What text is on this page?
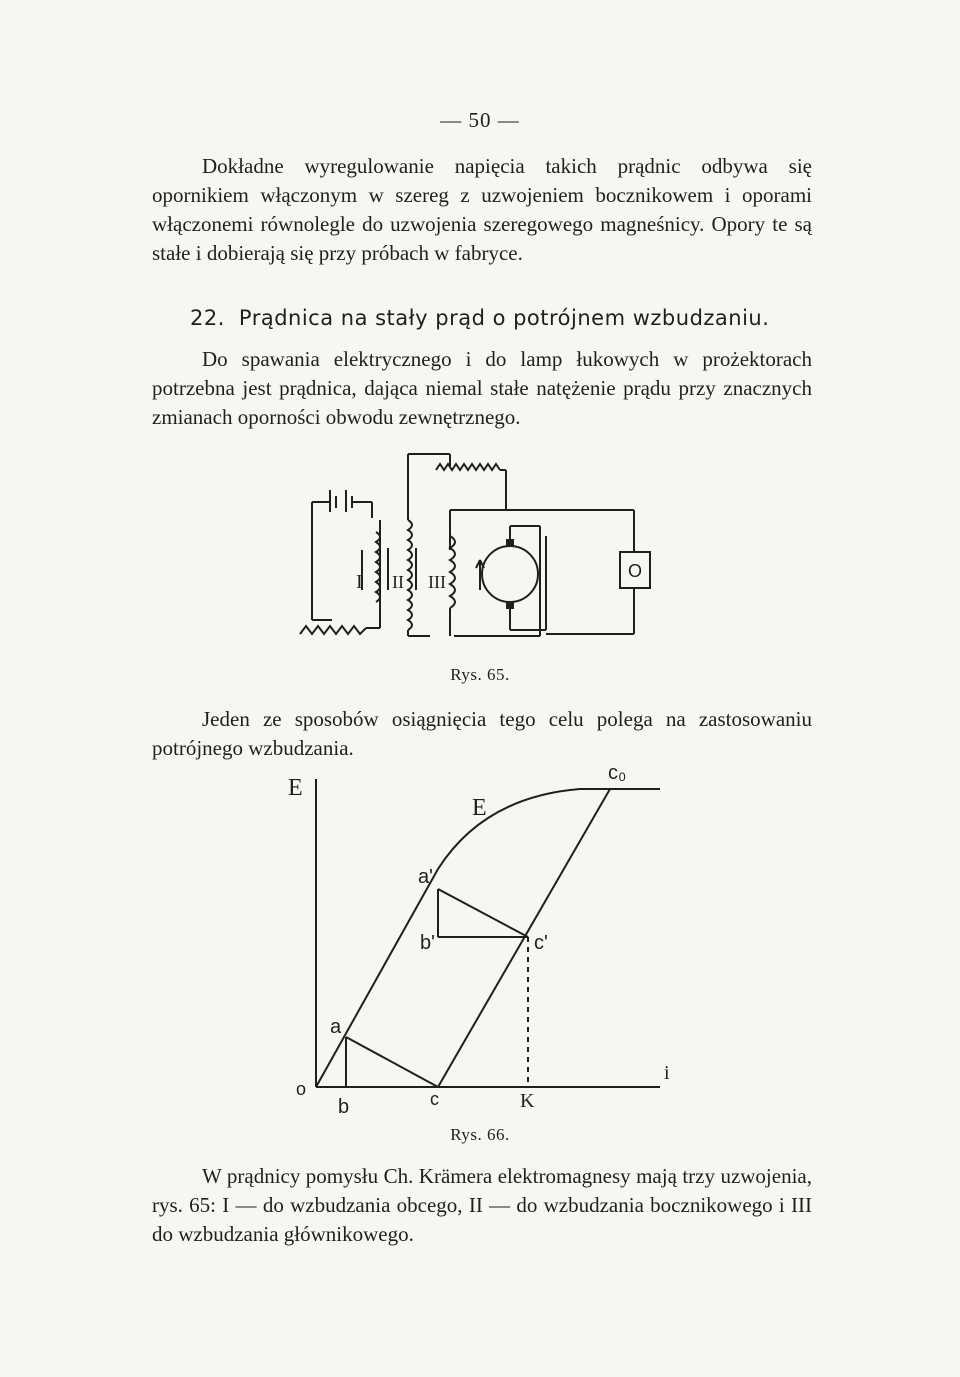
— 50 —

Dokładne wyregulowanie napięcia takich prądnic odbywa się opornikiem włączonym w szereg z uzwojeniem bocznikowem i oporami włączonemi równolegle do uzwojenia szeregowego magneśnicy. Opory te są stałe i dobierają się przy próbach w fabryce.

22. Prądnica na stały prąd o potrójnem wzbudzaniu.

Do spawania elektrycznego i do lamp łukowych w prożektorach potrzebna jest prądnica, dająca niemal stałe natężenie prądu przy znacznych zmianach oporności obwodu zewnętrznego.

I II III
O
Rys. 65.

Jeden ze sposobów osiągnięcia tego celu polega na zastosowaniu potrójnego wzbudzania.

E
E
c₀
a'
b'	c'
a
o
b	c	K
i
Rys. 66.

W prądnicy pomysłu Ch. Krämera elektromagnesy mają trzy uzwojenia, rys. 65: I — do wzbudzania obcego, II — do wzbudzania bocznikowego i III do wzbudzania głównikowego.
